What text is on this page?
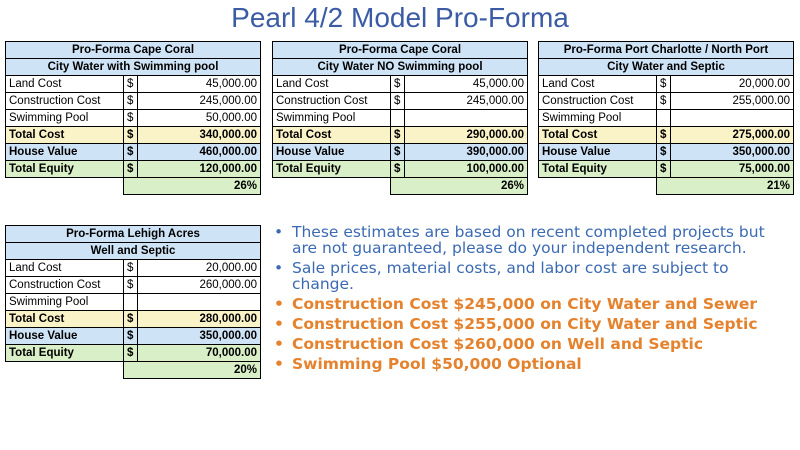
Pearl 4/2 Model Pro-Forma
Pro-Forma Cape Coral		
City Water with Swimming pool		
Land Cost	$	45,000.00
Construction Cost	$	245,000.00
Swimming Pool	$	50,000.00
Total Cost	$	340,000.00
House Value	$	460,000.00
Total Equity	$	120,000.00
	26%	
Pro-Forma Cape Coral		
City Water NO Swimming pool		
Land Cost	$	45,000.00
Construction Cost	$	245,000.00
Swimming Pool		
Total Cost	$	290,000.00
House Value	$	390,000.00
Total Equity	$	100,000.00
	26%	
Pro-Forma Port Charlotte / North Port		
City Water and Septic		
Land Cost	$	20,000.00
Construction Cost	$	255,000.00
Swimming Pool		
Total Cost	$	275,000.00
House Value	$	350,000.00
Total Equity	$	75,000.00
	21%	
Pro-Forma Lehigh Acres		
Well and Septic		
Land Cost	$	20,000.00
Construction Cost	$	260,000.00
Swimming Pool		
Total Cost	$	280,000.00
House Value	$	350,000.00
Total Equity	$	70,000.00
	20%	
• These estimates are based on recent completed projects but are not guaranteed, please do your independent research.
• Sale prices, material costs, and labor cost are subject to change.
• Construction Cost $245,000 on City Water and Sewer
• Construction Cost $255,000 on City Water and Septic
• Construction Cost $260,000 on Well and Septic
• Swimming Pool $50,000 Optional
